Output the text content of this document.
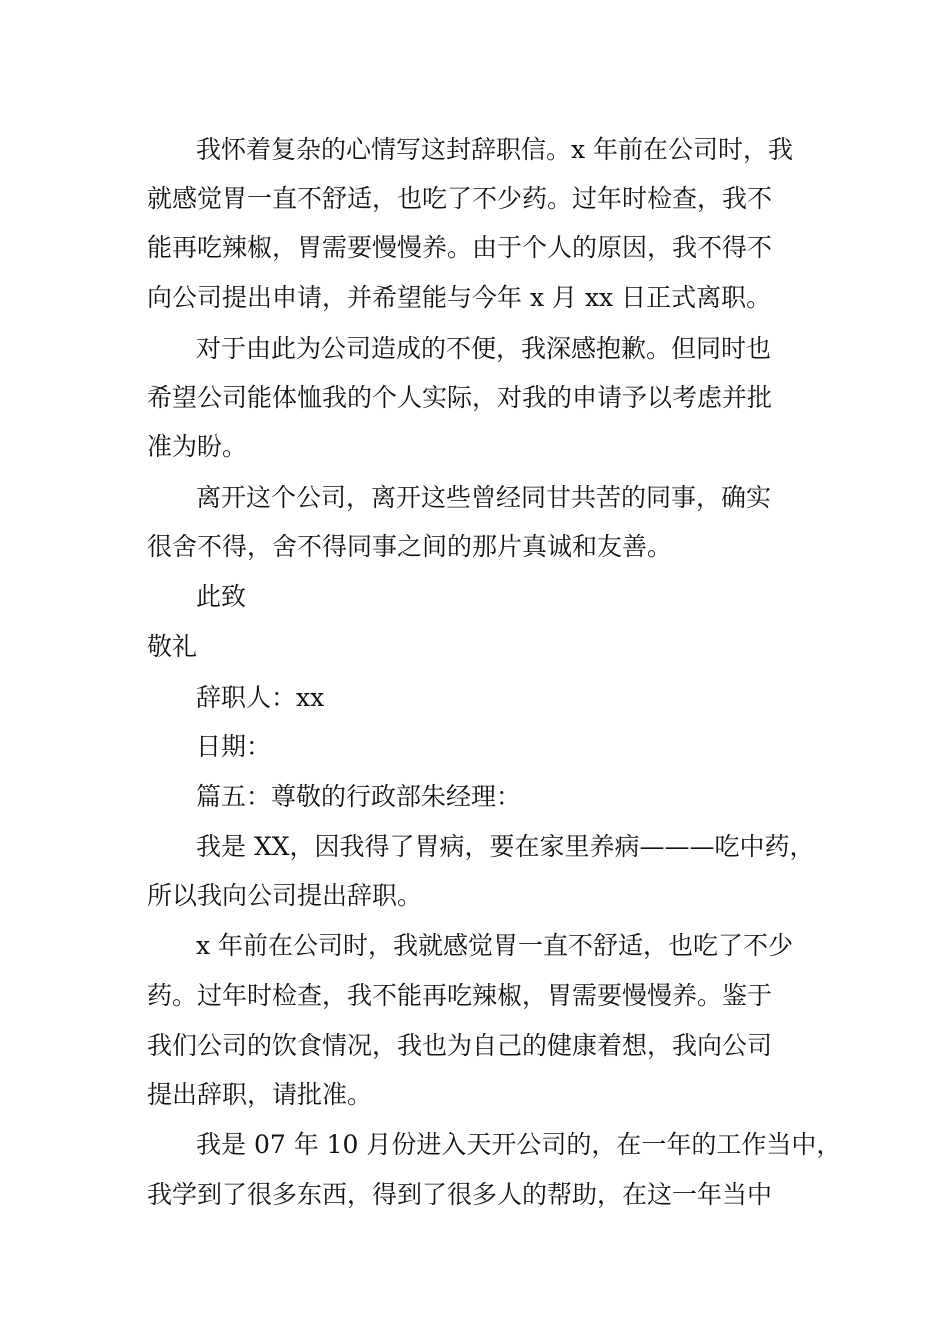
我怀着复杂的心情写这封辞职信。x 年前在公司时，我

就感觉胃一直不舒适，也吃了不少药。过年时检查，我不

能再吃辣椒，胃需要慢慢养。由于个人的原因，我不得不

向公司提出申请，并希望能与今年 x 月 xx 日正式离职。

对于由此为公司造成的不便，我深感抱歉。但同时也

希望公司能体恤我的个人实际，对我的申请予以考虑并批

准为盼。

离开这个公司，离开这些曾经同甘共苦的同事，确实

很舍不得，舍不得同事之间的那片真诚和友善。

此致

敬礼

辞职人：xx

日期：

篇五：尊敬的行政部朱经理：

我是 XX，因我得了胃病，要在家里养病———吃中药，

所以我向公司提出辞职。

x 年前在公司时，我就感觉胃一直不舒适，也吃了不少

药。过年时检查，我不能再吃辣椒，胃需要慢慢养。鉴于

我们公司的饮食情况，我也为自己的健康着想，我向公司

提出辞职，请批准。

我是 07 年 10 月份进入天开公司的，在一年的工作当中，

我学到了很多东西，得到了很多人的帮助，在这一年当中
